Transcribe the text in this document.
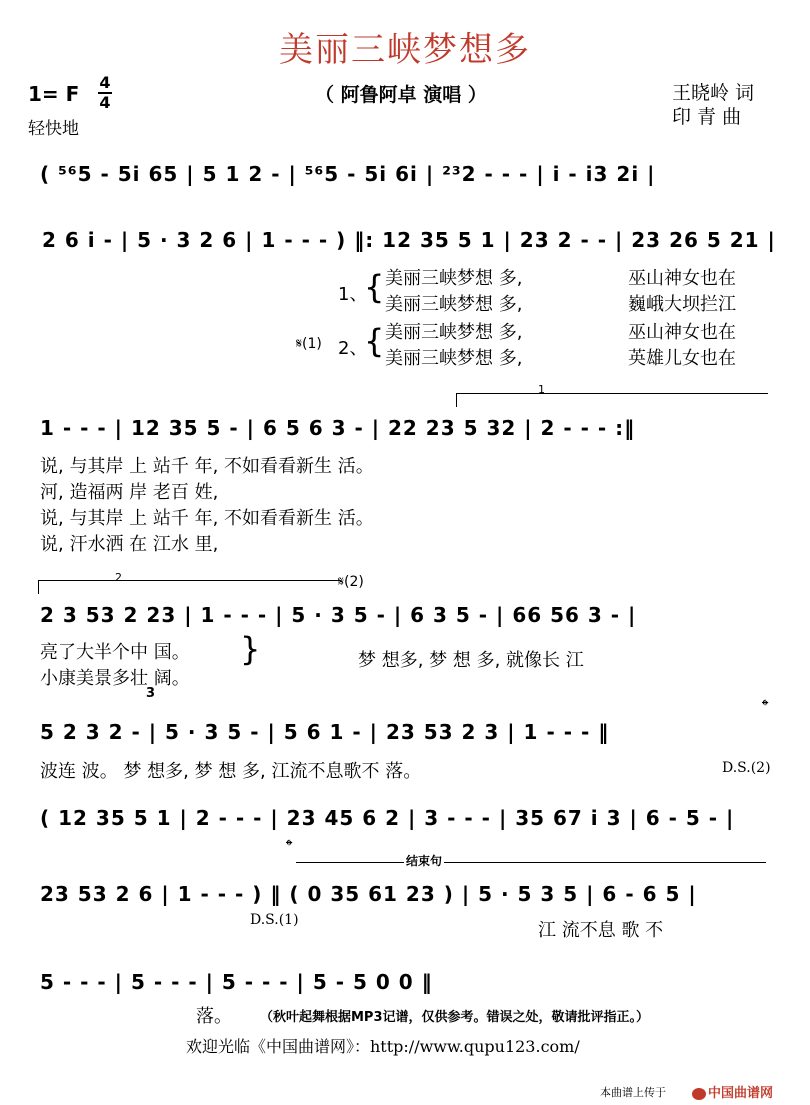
美丽三峡梦想多
1= F 4
4
轻快地
（ 阿鲁阿卓 演唱 ）	王晓岭 词
印 青 曲
( ⁵⁶5 - 5i 65 | 5 1 2 - | ⁵⁶5 - 5i 6i | ²³2 - - - | i - i3 2i |
2 6 i - | 5 · 3 2 6 | 1 - - - ) ‖: 12 35 5 1 | 23 2 - - | 23 26 5 21 |
1、
{ 美丽三峡梦想 多,	巫山神女也在
美丽三峡梦想 多,	巍峨大坝拦江
𝄋(1) 2、
{ 美丽三峡梦想 多,	巫山神女也在
美丽三峡梦想 多,	英雄儿女也在
1
1 - - - | 12 35 5 - | 6 5 6 3 - | 22 23 5 32 | 2 - - - :‖
说, 与其岸 上 站千 年, 不如看看新生 活。
河, 造福两 岸 老百 姓,
说, 与其岸 上 站千 年, 不如看看新生 活。
说, 汗水洒 在 江水 里,
2	𝄋(2)
2 3 53 2 23 | 1 - - - | 5 · 3 5 - | 6 3 5 - | 66 56 3 - |
亮了大半个中 国。
小康美景多壮 阔。
}
3
梦 想多, 梦 想 多, 就像长 江
𝄌
5 2 3 2 - | 5 · 3 5 - | 5 6 1 - | 23 53 2 3 | 1 - - - ‖
波连 波。 梦 想多, 梦 想 多, 江流不息歌不 落。	D.S.(2)
( 12 35 5 1 | 2 - - - | 23 45 6 2 | 3 - - - | 35 67 i 3 | 6 - 5 - |
𝄌
结束句
23 53 2 6 | 1 - - - ) ‖ ( 0 35 61 23 ) | 5 · 5 3 5 | 6 - 6 5 |
D.S.(1)	江 流不息 歌 不
5 - - - | 5 - - - | 5 - - - | 5 - 5 0 0 ‖
落。 （秋叶起舞根据MP3记谱，仅供参考。错误之处，敬请批评指正。）
欢迎光临《中国曲谱网》：http://www.qupu123.com/
本曲谱上传于	中国曲谱网
